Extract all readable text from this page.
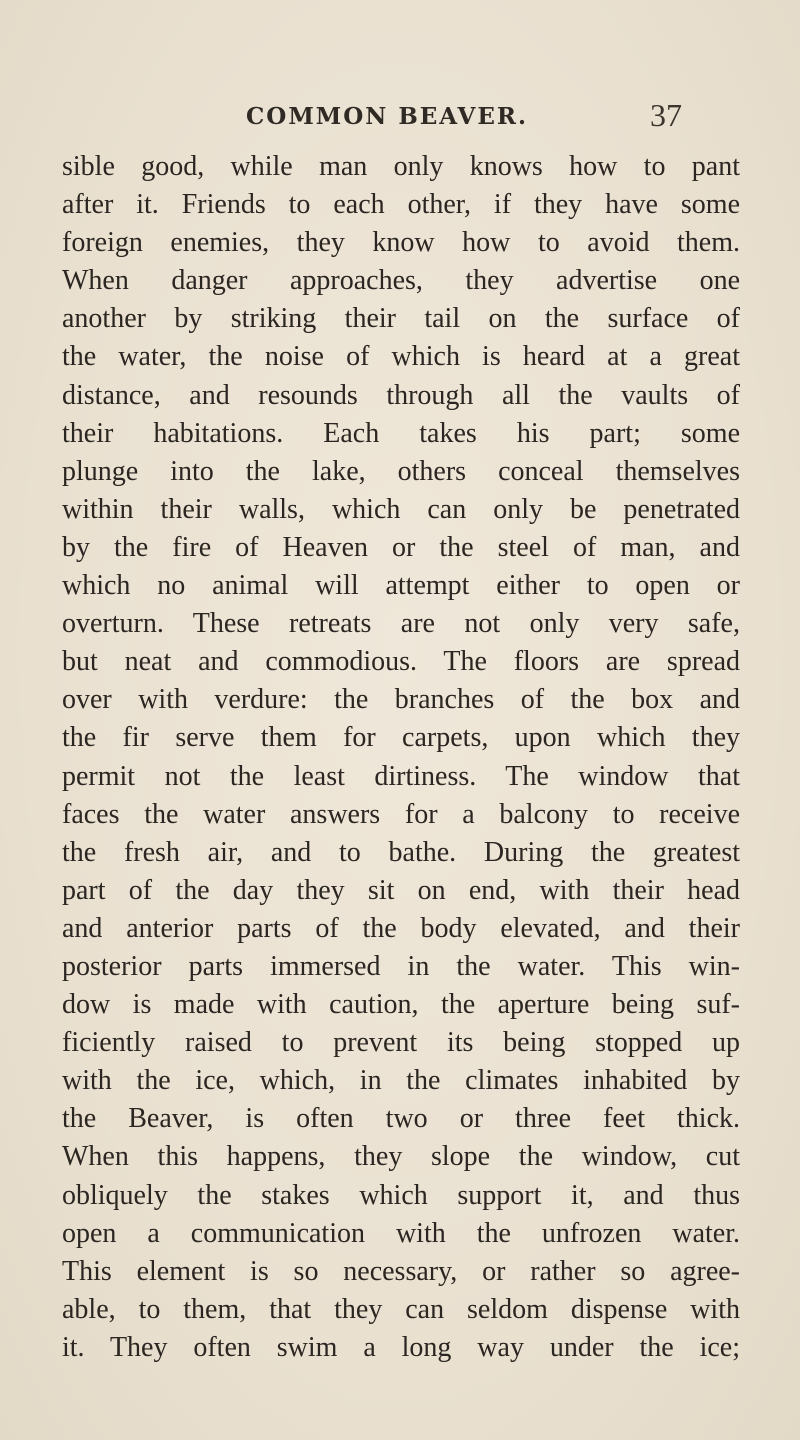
COMMON BEAVER.	37
sible good, while man only knows how to pant
after it. Friends to each other, if they have some
foreign enemies, they know how to avoid them.
When danger approaches, they advertise one
another by striking their tail on the surface of
the water, the noise of which is heard at a great
distance, and resounds through all the vaults of
their habitations. Each takes his part; some
plunge into the lake, others conceal themselves
within their walls, which can only be penetrated
by the fire of Heaven or the steel of man, and
which no animal will attempt either to open or
overturn. These retreats are not only very safe,
but neat and commodious. The floors are spread
over with verdure: the branches of the box and
the fir serve them for carpets, upon which they
permit not the least dirtiness. The window that
faces the water answers for a balcony to receive
the fresh air, and to bathe. During the greatest
part of the day they sit on end, with their head
and anterior parts of the body elevated, and their
posterior parts immersed in the water. This win-
dow is made with caution, the aperture being suf-
ficiently raised to prevent its being stopped up
with the ice, which, in the climates inhabited by
the Beaver, is often two or three feet thick.
When this happens, they slope the window, cut
obliquely the stakes which support it, and thus
open a communication with the unfrozen water.
This element is so necessary, or rather so agree-
able, to them, that they can seldom dispense with
it. They often swim a long way under the ice;
